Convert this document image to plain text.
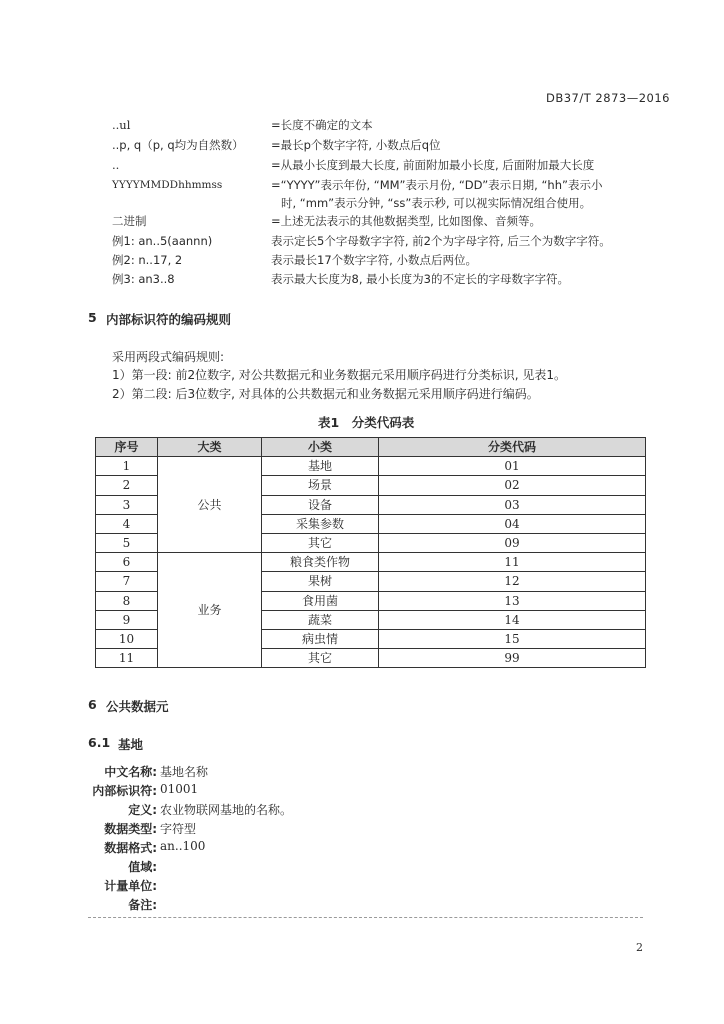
DB37/T 2873—2016
..ul	=长度不确定的文本
..p, q（p, q均为自然数） =最长p个数字字符, 小数点后q位
..	=从最小长度到最大长度, 前面附加最小长度, 后面附加最大长度
YYYYMMDDhhmmss	=“YYYY”表示年份, “MM”表示月份, “DD”表示日期, “hh”表示小
时, “mm”表示分钟, “ss”表示秒, 可以视实际情况组合使用。
二进制	=上述无法表示的其他数据类型, 比如图像、音频等。
例1: an..5(aannn)	表示定长5个字母数字字符, 前2个为字母字符, 后三个为数字字符。
例2: n..17, 2	表示最长17个数字字符, 小数点后两位。
例3: an3..8	表示最大长度为8, 最小长度为3的不定长的字母数字字符。
5 内部标识符的编码规则
采用两段式编码规则:
1）第一段: 前2位数字, 对公共数据元和业务数据元采用顺序码进行分类标识, 见表1。
2）第二段: 后3位数字, 对具体的公共数据元和业务数据元采用顺序码进行编码。
表1　分类代码表
序号	大类	小类	分类代码
1	公共	基地	01
2		场景	02
3		设备	03
4		采集参数	04
5		其它	09
6	业务	粮食类作物	11
7		果树	12
8		食用菌	13
9		蔬菜	14
10		病虫情	15
11		其它	99
6 公共数据元
6.1 基地
中文名称: 基地名称
内部标识符: 01001
定义: 农业物联网基地的名称。
数据类型: 字符型
数据格式: an..100
值域:
计量单位:
备注:
2
